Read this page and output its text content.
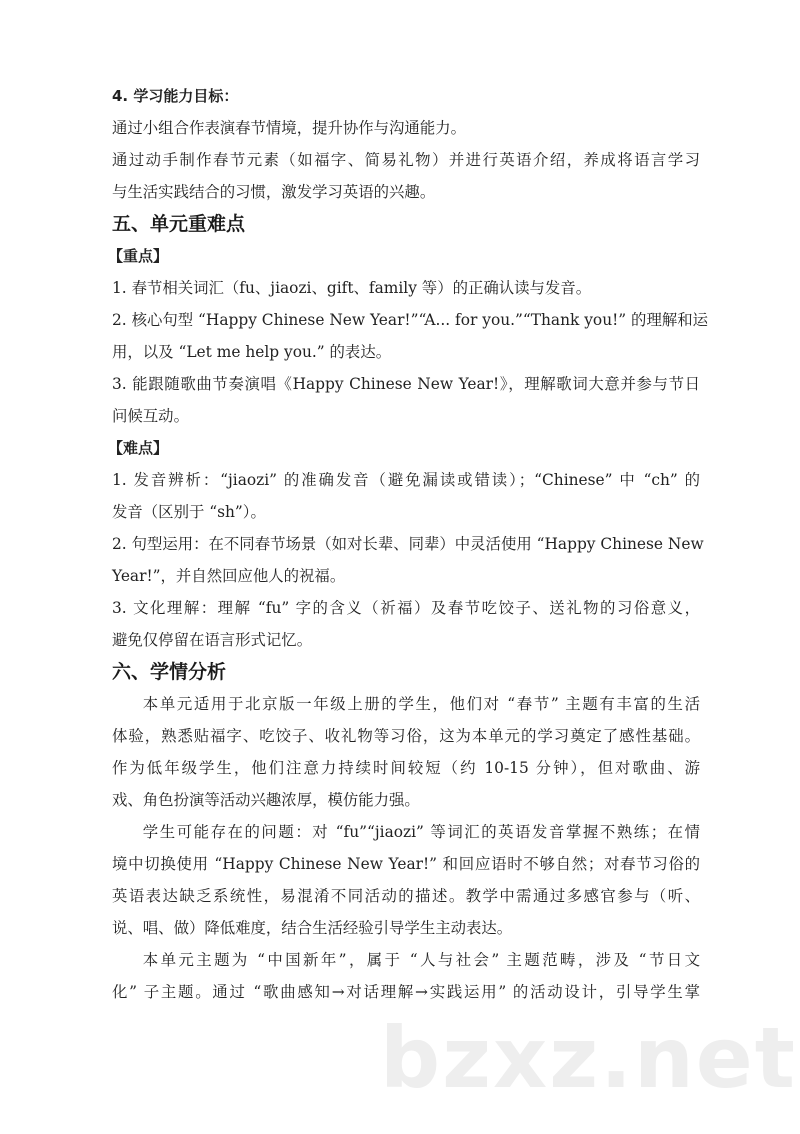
4. 学习能力目标：
通过小组合作表演春节情境，提升协作与沟通能力。
通过动手制作春节元素（如福字、简易礼物）并进行英语介绍，养成将语言学习
与生活实践结合的习惯，激发学习英语的兴趣。
五、单元重难点
【重点】
1. 春节相关词汇（fu、jiaozi、gift、family 等）的正确认读与发音。
2. 核心句型 “Happy Chinese New Year!”“A... for you.”“Thank you!” 的理解和运
用，以及 “Let me help you.” 的表达。
3. 能跟随歌曲节奏演唱《Happy Chinese New Year!》，理解歌词大意并参与节日
问候互动。
【难点】
1. 发音辨析：“jiaozi” 的准确发音（避免漏读或错读）；“Chinese” 中 “ch” 的
发音（区别于 “sh”）。
2. 句型运用：在不同春节场景（如对长辈、同辈）中灵活使用 “Happy Chinese New
Year!”，并自然回应他人的祝福。
3. 文化理解：理解 “fu” 字的含义（祈福）及春节吃饺子、送礼物的习俗意义，
避免仅停留在语言形式记忆。
六、学情分析
本单元适用于北京版一年级上册的学生，他们对 “春节” 主题有丰富的生活
体验，熟悉贴福字、吃饺子、收礼物等习俗，这为本单元的学习奠定了感性基础。
作为低年级学生，他们注意力持续时间较短（约 10-15 分钟），但对歌曲、游
戏、角色扮演等活动兴趣浓厚，模仿能力强。
学生可能存在的问题：对 “fu”“jiaozi” 等词汇的英语发音掌握不熟练；在情
境中切换使用 “Happy Chinese New Year!” 和回应语时不够自然；对春节习俗的
英语表达缺乏系统性，易混淆不同活动的描述。教学中需通过多感官参与（听、
说、唱、做）降低难度，结合生活经验引导学生主动表达。
本单元主题为 “中国新年”，属于 “人与社会” 主题范畴，涉及 “节日文
化” 子主题。通过 “歌曲感知→对话理解→实践运用” 的活动设计，引导学生掌
bzxz.net
